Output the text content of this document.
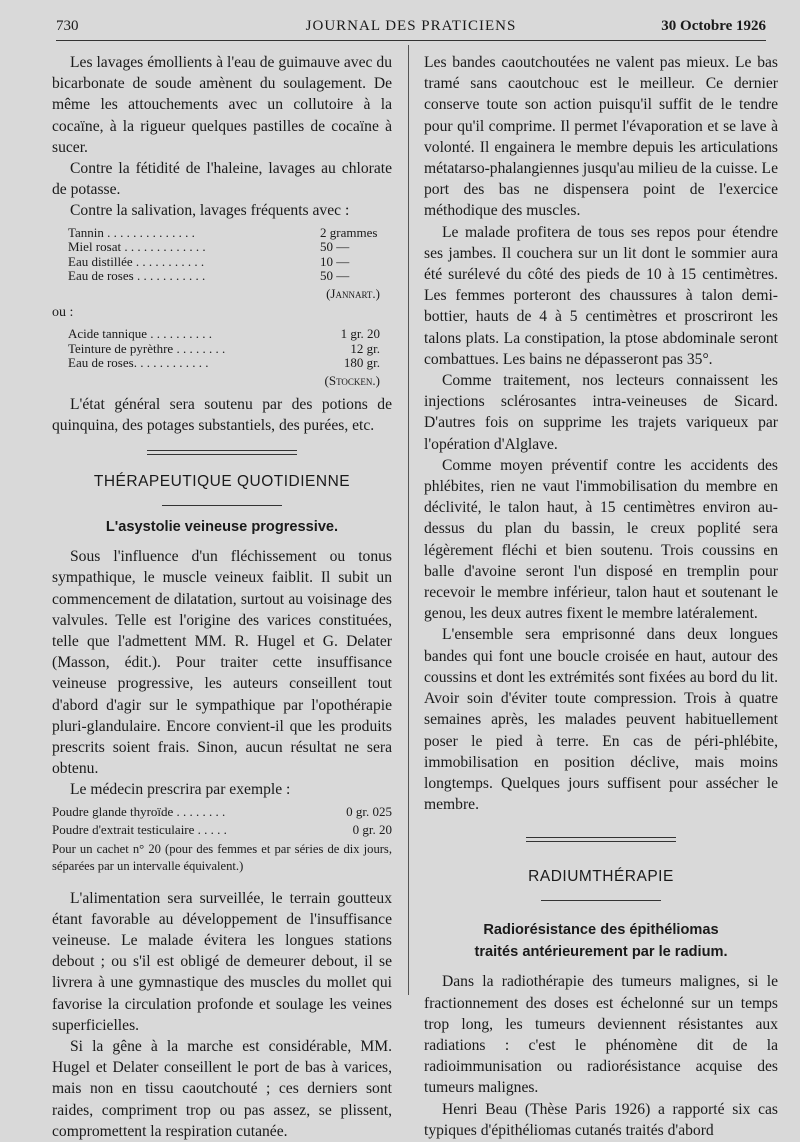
730	JOURNAL DES PRATICIENS	30 Octobre 1926

Les lavages émollients à l'eau de guimauve avec du bicarbonate de soude amènent du soulagement. De même les attouchements avec un collutoire à la cocaïne, à la rigueur quelques pastilles de cocaïne à sucer.

Contre la fétidité de l'haleine, lavages au chlorate de potasse.

Contre la salivation, lavages fréquents avec :

Tannin . . . . . . . . . . . . . .	2 grammes
Miel rosat . . . . . . . . . . . . .	50 —
Eau distillée . . . . . . . . . . .	10 —
Eau de roses . . . . . . . . . . .	50 —
(Jannart.)
ou :
Acide tannique . . . . . . . . . .	1 gr. 20
Teinture de pyrèthre . . . . . . . .	12 gr.
Eau de roses. . . . . . . . . . . .	180 gr.
(Stocken.)

L'état général sera soutenu par des potions de quinquina, des potages substantiels, des purées, etc.

THÉRAPEUTIQUE QUOTIDIENNE
L'asystolie veineuse progressive.

Sous l'influence d'un fléchissement ou tonus sympathique, le muscle veineux faiblit. Il subit un commencement de dilatation, surtout au voisinage des valvules. Telle est l'origine des varices constituées, telle que l'admettent MM. R. Hugel et G. Delater (Masson, édit.). Pour traiter cette insuffisance veineuse progressive, les auteurs conseillent tout d'abord d'agir sur le sympathique par l'opothérapie pluri-glandulaire. Encore convient-il que les produits prescrits soient frais. Sinon, aucun résultat ne sera obtenu.

Le médecin prescrira par exemple :

Poudre glande thyroïde . . . . . . . .	0 gr. 025
Poudre d'extrait testiculaire . . . . .	0 gr. 20
Pour un cachet n° 20 (pour des femmes et par séries de dix jours, séparées par un intervalle équivalent.)

L'alimentation sera surveillée, le terrain goutteux étant favorable au développement de l'insuffisance veineuse. Le malade évitera les longues stations debout ; ou s'il est obligé de demeurer debout, il se livrera à une gymnastique des muscles du mollet qui favorise la circulation profonde et soulage les veines superficielles.

Si la gêne à la marche est considérable, MM. Hugel et Delater conseillent le port de bas à varices, mais non en tissu caoutchouté ; ces derniers sont raides, compriment trop ou pas assez, se plissent, compromettent la respiration cutanée.

Les bandes caoutchoutées ne valent pas mieux. Le bas tramé sans caoutchouc est le meilleur. Ce dernier conserve toute son action puisqu'il suffit de le tendre pour qu'il comprime. Il permet l'évaporation et se lave à volonté. Il engainera le membre depuis les articulations métatarso-phalangiennes jusqu'au milieu de la cuisse. Le port des bas ne dispensera point de l'exercice méthodique des muscles.

Le malade profitera de tous ses repos pour étendre ses jambes. Il couchera sur un lit dont le sommier aura été surélevé du côté des pieds de 10 à 15 centimètres. Les femmes porteront des chaussures à talon demi-bottier, hauts de 4 à 5 centimètres et proscriront les talons plats. La constipation, la ptose abdominale seront combattues. Les bains ne dépasseront pas 35°.

Comme traitement, nos lecteurs connaissent les injections sclérosantes intra-veineuses de Sicard. D'autres fois on supprime les trajets variqueux par l'opération d'Alglave.

Comme moyen préventif contre les accidents des phlébites, rien ne vaut l'immobilisation du membre en déclivité, le talon haut, à 15 centimètres environ au-dessus du plan du bassin, le creux poplité sera légèrement fléchi et bien soutenu. Trois coussins en balle d'avoine seront l'un disposé en tremplin pour recevoir le membre inférieur, talon haut et soutenant le genou, les deux autres fixent le membre latéralement.

L'ensemble sera emprisonné dans deux longues bandes qui font une boucle croisée en haut, autour des coussins et dont les extrémités sont fixées au bord du lit. Avoir soin d'éviter toute compression. Trois à quatre semaines après, les malades peuvent habituellement poser le pied à terre. En cas de péri-phlébite, immobilisation en position déclive, mais moins longtemps. Quelques jours suffisent pour assécher le membre.

RADIUMTHÉRAPIE
Radiorésistance des épithéliomas
traités antérieurement par le radium.

Dans la radiothérapie des tumeurs malignes, si le fractionnement des doses est échelonné sur un temps trop long, les tumeurs deviennent résistantes aux radiations : c'est le phénomène dit de la radioimmunisation ou radiorésistance acquise des tumeurs malignes.

Henri Beau (Thèse Paris 1926) a rapporté six cas typiques d'épithéliomas cutanés traités d'abord
